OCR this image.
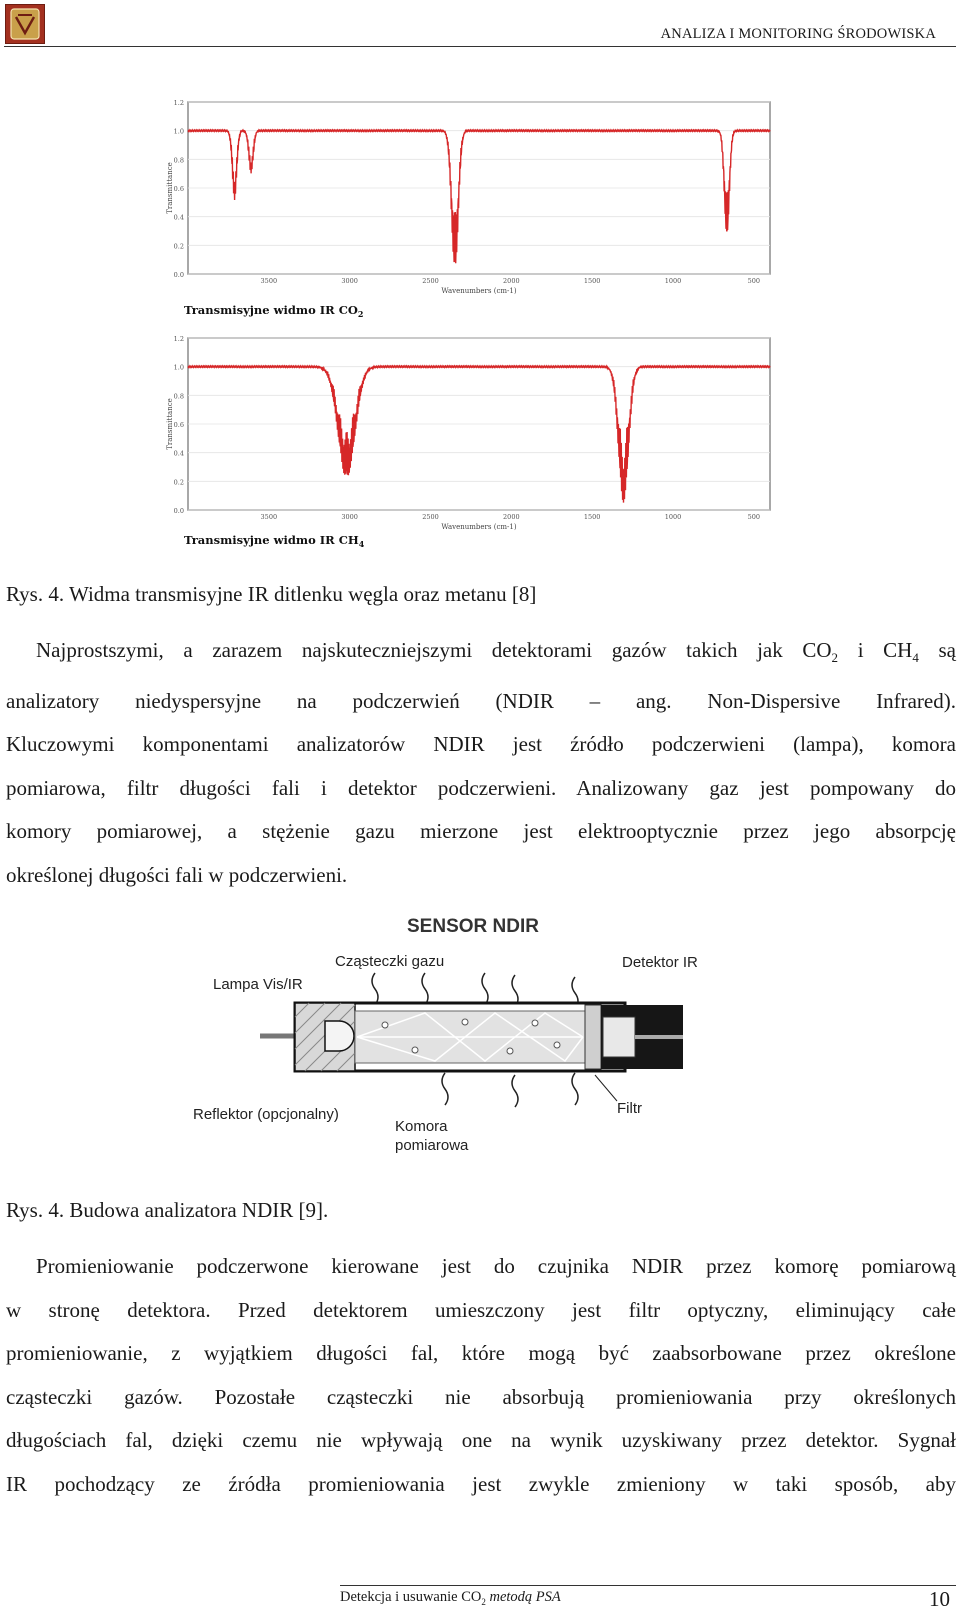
ANALIZA I MONITORING ŚRODOWISKA
0.0
0.2
0.4
0.6
0.8
1.0
1.2
3500	3000	2500	2000	1500	1000	500
Wavenumbers (cm-1)
Transmittance
Transmisyjne widmo IR $CO_2$
0.0
0.2
0.4
0.6
0.8
1.0
1.2
3500	3000	2500	2000	1500	1000	500
Wavenumbers (cm-1)
Transmittance
Transmisyjne widmo IR $CH_4$
Rys. 4. Widma transmisyjne IR ditlenku węgla oraz metanu [8]
Najprostszymi, a zarazem najskuteczniejszymi detektorami gazów takich jak $CO_2$ i $CH_4$ są
analizatory niedyspersyjne na podczerwień (NDIR – ang. Non-Dispersive Infrared).
Kluczowymi komponentami analizatorów NDIR jest źródło podczerwieni (lampa), komora
pomiarowa, filtr długości fali i detektor podczerwieni. Analizowany gaz jest pompowany do
komory pomiarowej, a stężenie gazu mierzone jest elektrooptycznie przez jego absorpcję
określonej długości fali w podczerwieni.
SENSOR NDIR
Cząsteczki gazu	Detektor IR
Lampa Vis/IR
Reflektor (opcjonalny)
Komora
pomiarowa
Filtr
Rys. 4. Budowa analizatora NDIR [9].
Promieniowanie podczerwone kierowane jest do czujnika NDIR przez komorę pomiarową
w stronę detektora. Przed detektorem umieszczony jest filtr optyczny, eliminujący całe
promieniowanie, z wyjątkiem długości fal, które mogą być zaabsorbowane przez określone
cząsteczki gazów. Pozostałe cząsteczki nie absorbują promieniowania przy określonych
długościach fal, dzięki czemu nie wpływają one na wynik uzyskiwany przez detektor. Sygnał
IR pochodzący ze źródła promieniowania jest zwykle zmieniony w taki sposób, aby
Detekcja i usuwanie $CO_2$ metodą PSA	10
